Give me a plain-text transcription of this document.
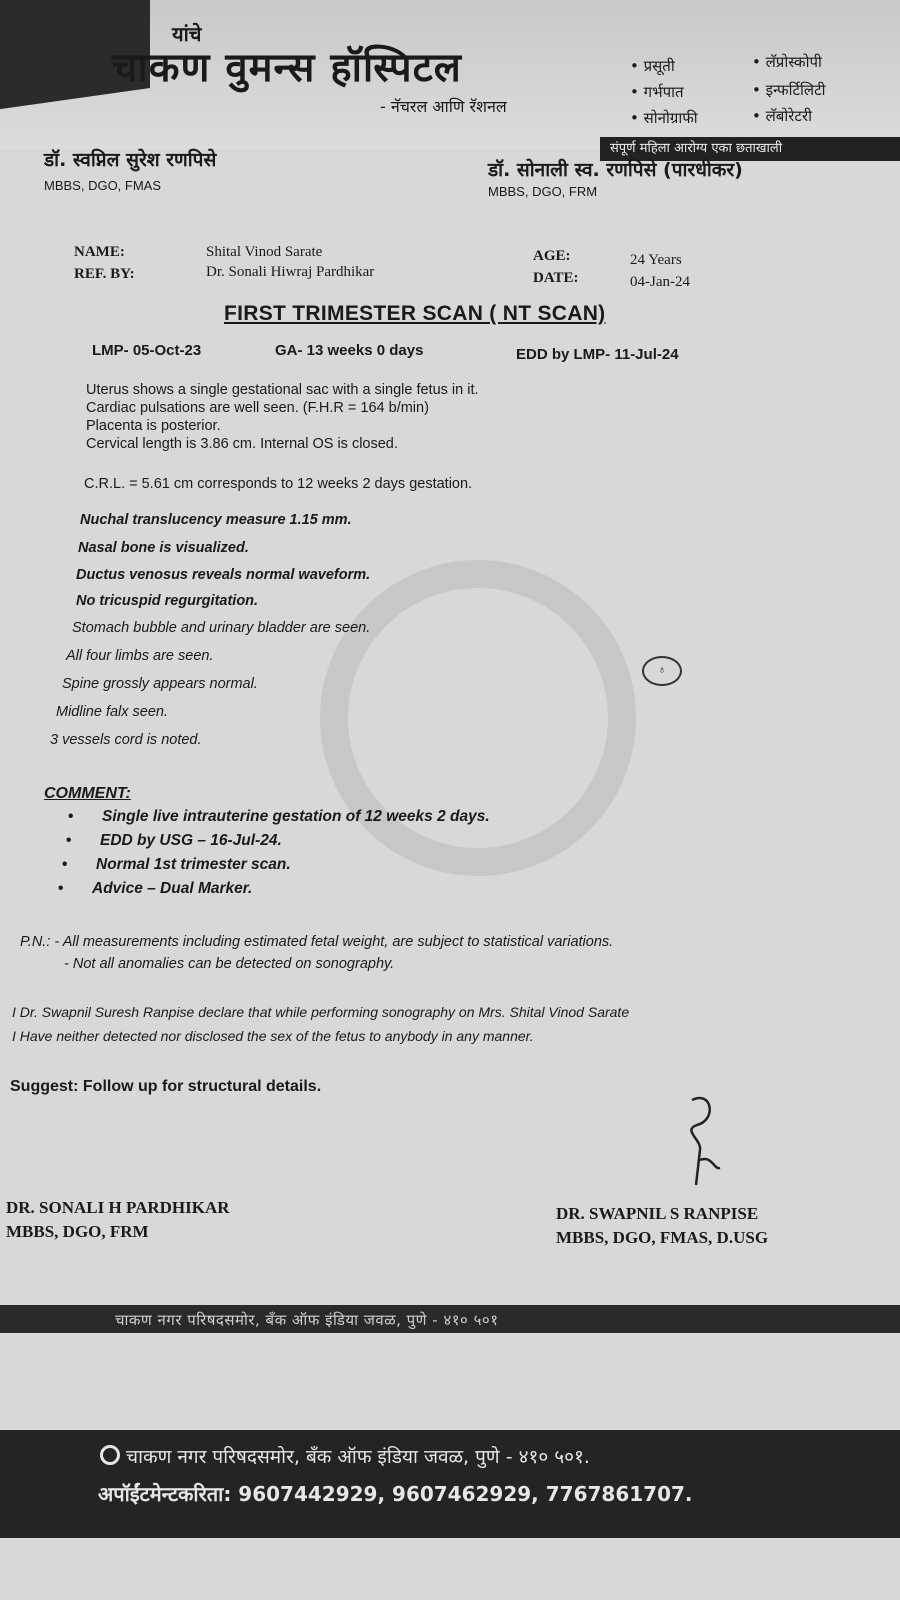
यांचे
चाकण वुमन्स हॉस्पिटल
- नॅचरल आणि रॅशनल
• प्रसूती	• लॅप्रोस्कोपी
• गर्भपात	• इन्फर्टिलिटी
• सोनोग्राफी	• लॅबोरेटरी
संपूर्ण महिला आरोग्य एका छताखाली
डॉ. स्वप्निल सुरेश रणपिसे
MBBS, DGO, FMAS
डॉ. सोनाली स्व. रणपिसे (पारधीकर)
MBBS, DGO, FRM
NAME:	Shital Vinod Sarate
REF. BY:	Dr. Sonali Hiwraj Pardhikar
AGE:	24 Years
DATE:	04-Jan-24
FIRST TRIMESTER SCAN ( NT SCAN)
LMP- 05-Oct-23	GA- 13 weeks 0 days	EDD by LMP- 11-Jul-24
Uterus shows a single gestational sac with a single fetus in it.
Cardiac pulsations are well seen. (F.H.R = 164 b/min)
Placenta is posterior.
Cervical length is 3.86 cm. Internal OS is closed.
C.R.L. = 5.61 cm corresponds to 12 weeks 2 days gestation.
Nuchal translucency measure 1.15 mm.
Nasal bone is visualized.
Ductus venosus reveals normal waveform.
No tricuspid regurgitation.
Stomach bubble and urinary bladder are seen.
All four limbs are seen.
Spine grossly appears normal.
Midline falx seen.
3 vessels cord is noted.
♁
COMMENT:
• Single live intrauterine gestation of 12 weeks 2 days.
• EDD by USG – 16-Jul-24.
• Normal 1st trimester scan.
• Advice – Dual Marker.
P.N.: - All measurements including estimated fetal weight, are subject to statistical variations.
- Not all anomalies can be detected on sonography.
I Dr. Swapnil Suresh Ranpise declare that while performing sonography on Mrs. Shital Vinod Sarate
I Have neither detected nor disclosed the sex of the fetus to anybody in any manner.
Suggest: Follow up for structural details.
DR. SONALI H PARDHIKAR
MBBS, DGO, FRM
DR. SWAPNIL S RANPISE
MBBS, DGO, FMAS, D.USG
चाकण नगर परिषदसमोर, बँक ऑफ इंडिया जवळ, पुणे - ४१० ५०१
चाकण नगर परिषदसमोर, बँक ऑफ इंडिया जवळ, पुणे - ४१० ५०१.
अपॉईंटमेन्टकरिता: 9607442929, 9607462929, 7767861707.
